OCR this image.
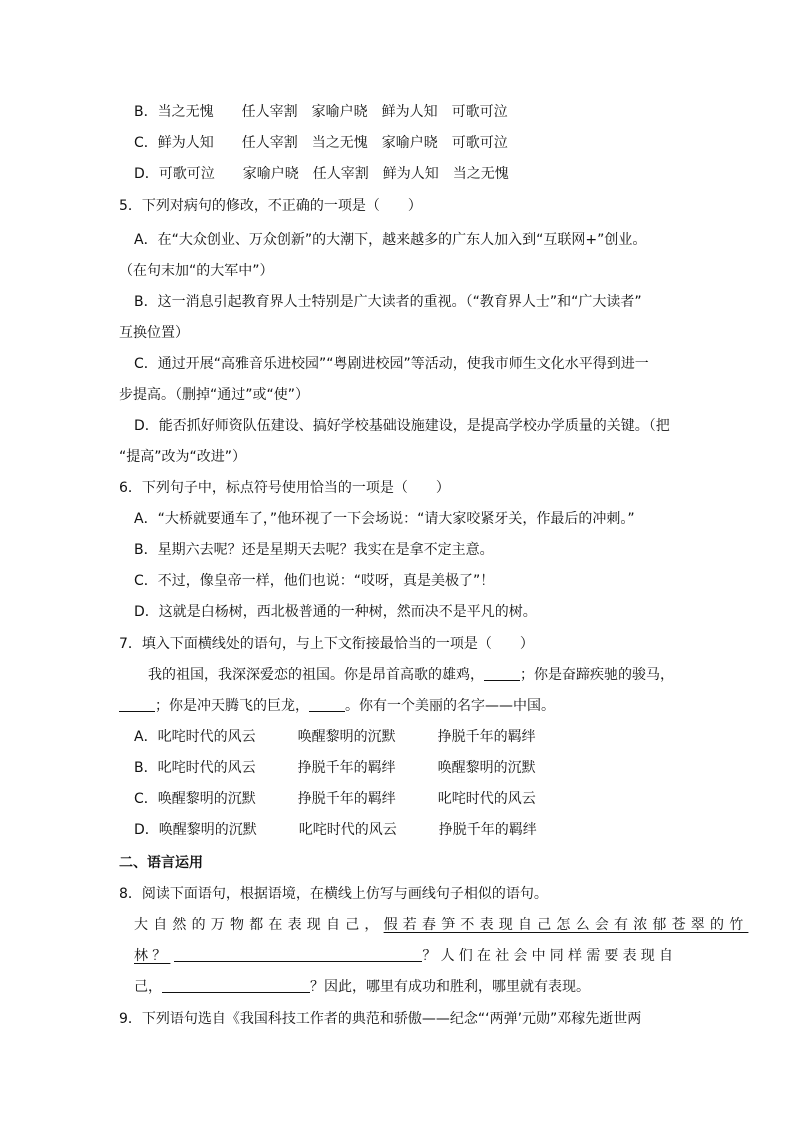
B．当之无愧 任人宰割 家喻户晓 鲜为人知 可歌可泣
C．鲜为人知 任人宰割 当之无愧 家喻户晓 可歌可泣
D．可歌可泣 家喻户晓 任人宰割 鲜为人知 当之无愧
5．下列对病句的修改，不正确的一项是（　　）
A．在“大众创业、万众创新”的大潮下，越来越多的广东人加入到“互联网+”创业。
（在句末加“的大军中”）
B．这一消息引起教育界人士特别是广大读者的重视。（“教育界人士”和“广大读者”
互换位置）
C．通过开展“高雅音乐进校园”“粤剧进校园”等活动，使我市师生文化水平得到进一
步提高。（删掉“通过”或“使”）
D．能否抓好师资队伍建设、搞好学校基础设施建设，是提高学校办学质量的关键。（把
“提高”改为“改进”）
6．下列句子中，标点符号使用恰当的一项是（　　）
A．“大桥就要通车了，”他环视了一下会场说：“请大家咬紧牙关，作最后的冲刺。”
B．星期六去呢？还是星期天去呢？我实在是拿不定主意。
C．不过，像皇帝一样，他们也说：“哎呀，真是美极了”！
D．这就是白杨树，西北极普通的一种树，然而决不是平凡的树。
7．填入下面横线处的语句，与上下文衔接最恰当的一项是（　　）
我的祖国，我深深爱恋的祖国。你是昂首高歌的雄鸡，	；你是奋蹄疾驰的骏马，
；你是冲天腾飞的巨龙，	。你有一个美丽的名字——中国。
A．叱咤时代的风云	唤醒黎明的沉默	挣脱千年的羁绊
B．叱咤时代的风云	挣脱千年的羁绊	唤醒黎明的沉默
C．唤醒黎明的沉默	挣脱千年的羁绊	叱咤时代的风云
D．唤醒黎明的沉默	叱咤时代的风云	挣脱千年的羁绊
二、语言运用
8．阅读下面语句，根据语境，在横线上仿写与画线句子相似的语句。
大自然的万物都在表现自己，假若春笋不表现自己怎么会有浓郁苍翠的竹
林？	？人们在社会中同样需要表现自
己，	？因此，哪里有成功和胜利，哪里就有表现。
9．下列语句选自《我国科技工作者的典范和骄傲——纪念“‘两弹’元勋”邓稼先逝世两
